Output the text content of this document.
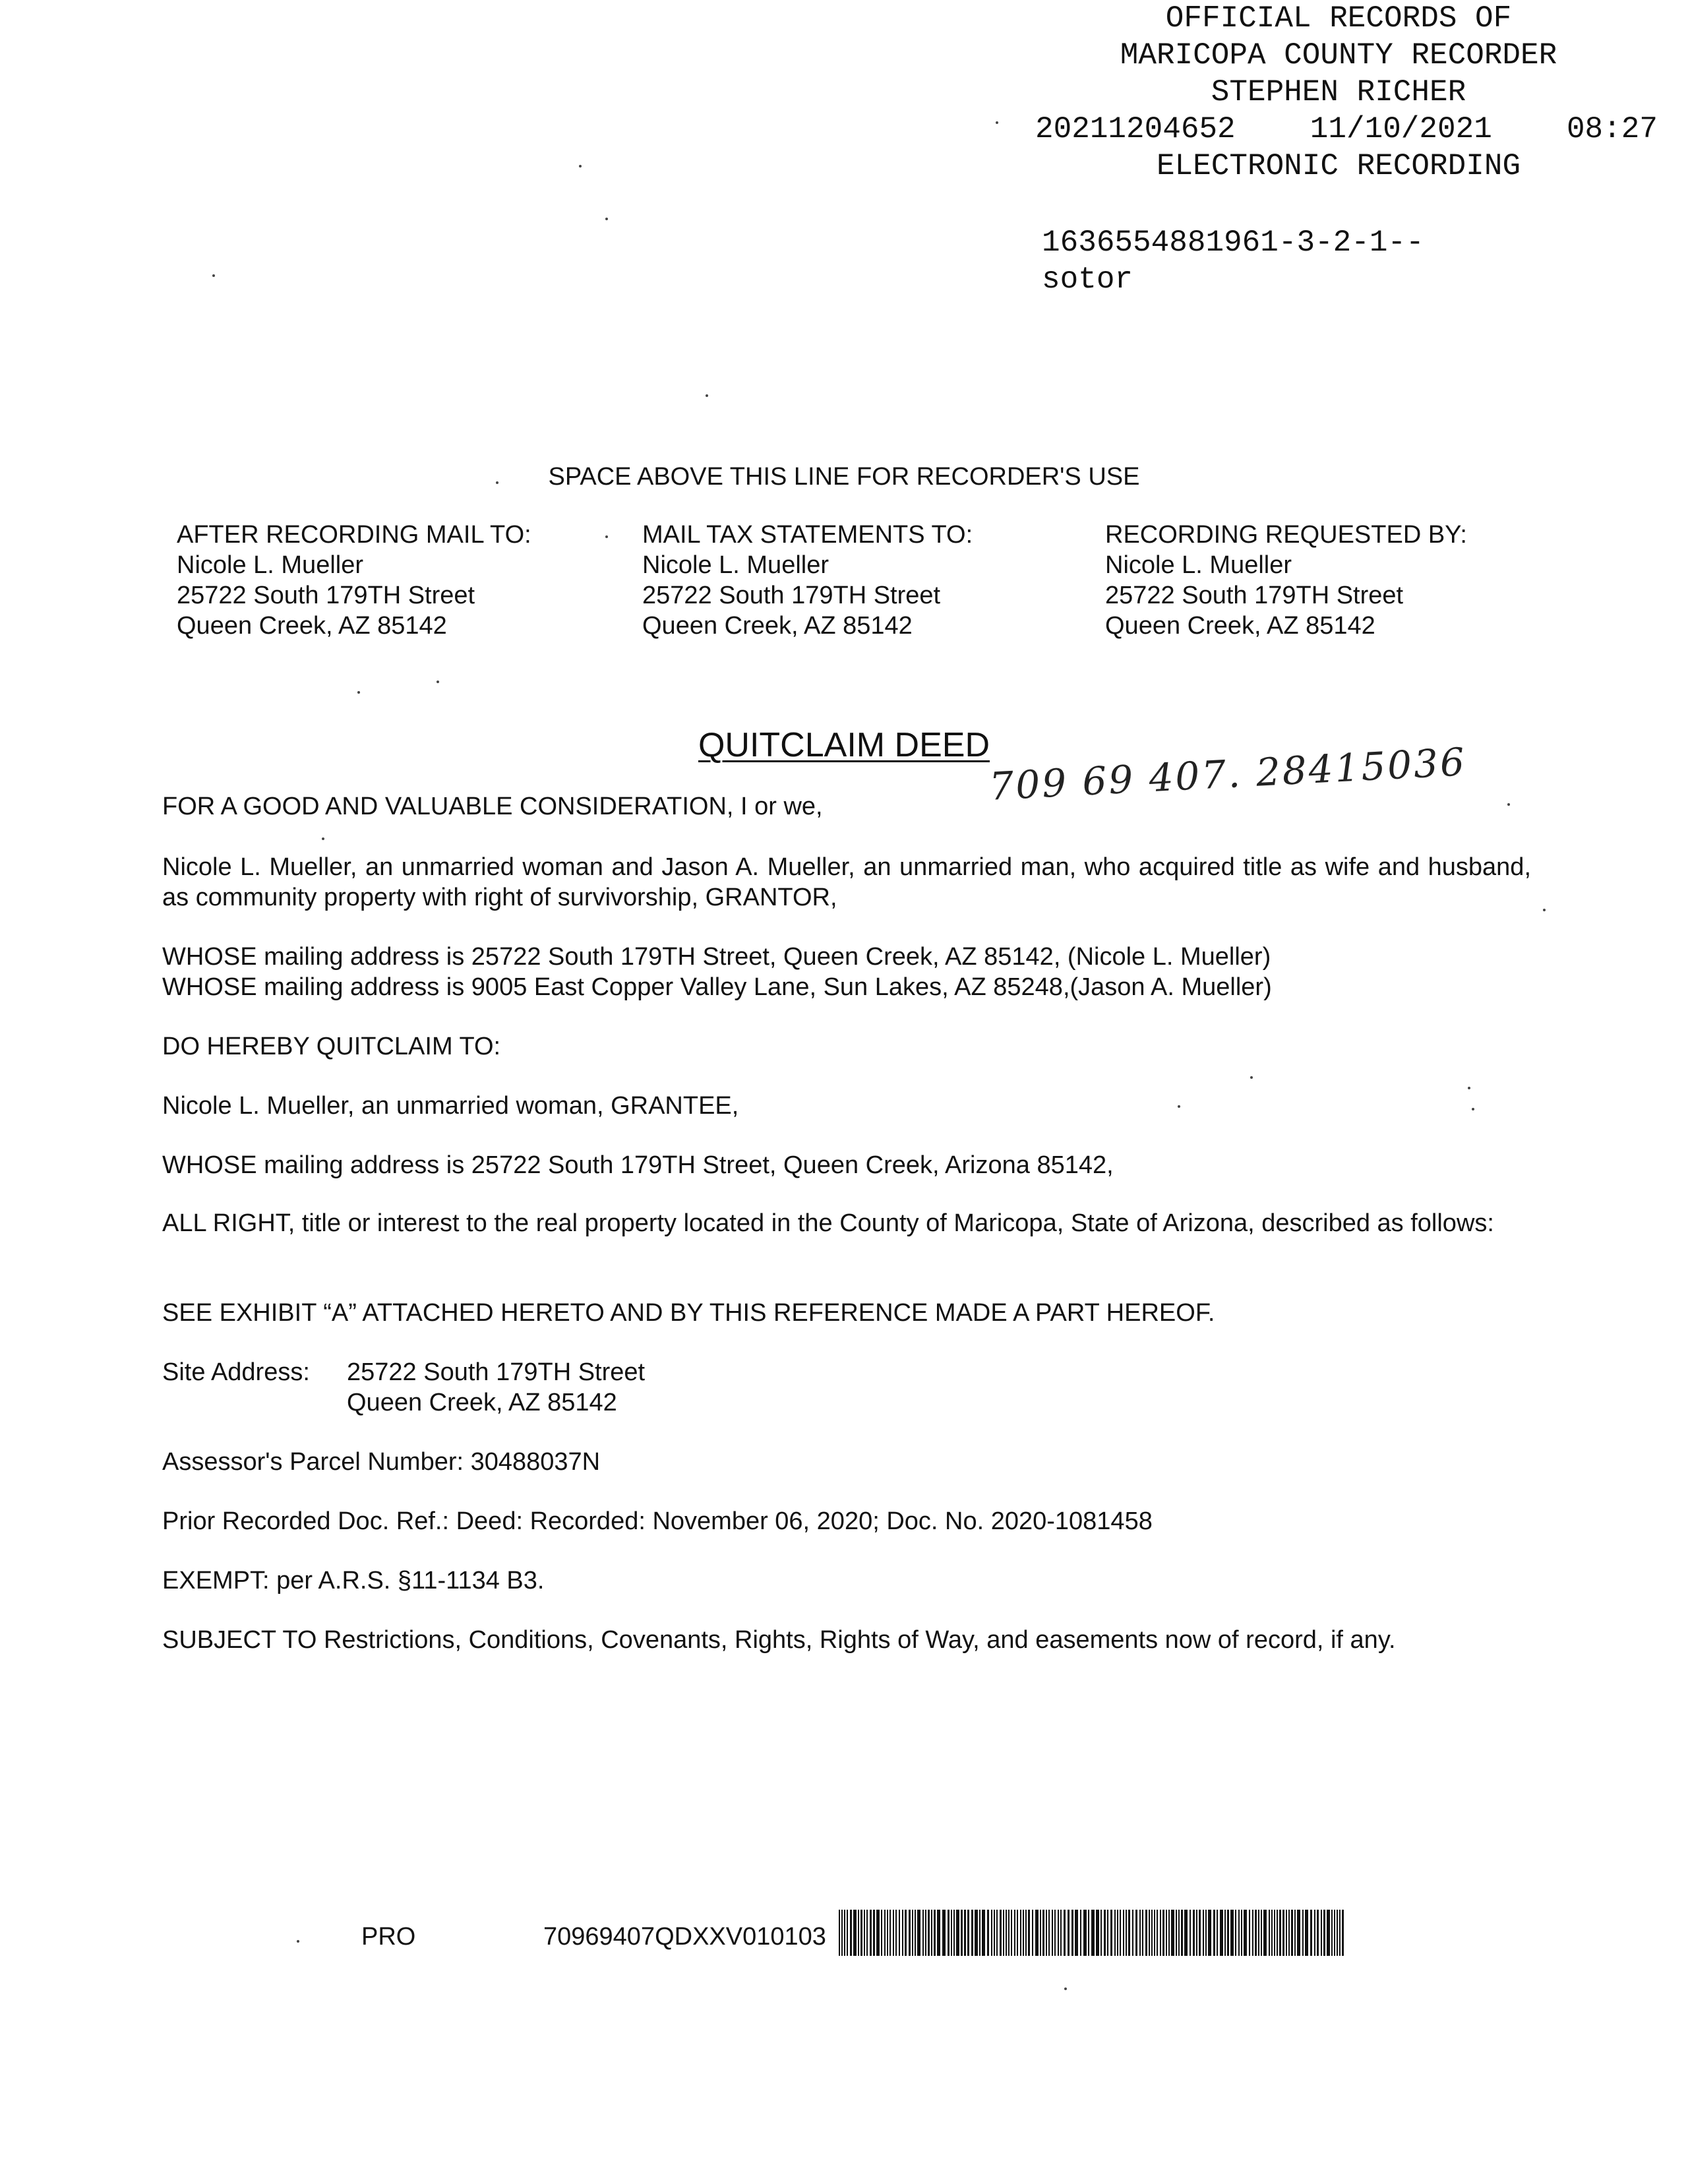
OFFICIAL RECORDS OF
MARICOPA COUNTY RECORDER
STEPHEN RICHER
20211204652 11/10/2021 08:27
ELECTRONIC RECORDING
1636554881961-3-2-1--
sotor
SPACE ABOVE THIS LINE FOR RECORDER'S USE
AFTER RECORDING MAIL TO:
Nicole L. Mueller
25722 South 179TH Street
Queen Creek, AZ 85142
MAIL TAX STATEMENTS TO:
Nicole L. Mueller
25722 South 179TH Street
Queen Creek, AZ 85142
RECORDING REQUESTED BY:
Nicole L. Mueller
25722 South 179TH Street
Queen Creek, AZ 85142
QUITCLAIM DEED
709 69 407. 28415036
FOR A GOOD AND VALUABLE CONSIDERATION, I or we,
Nicole L. Mueller, an unmarried woman and Jason A. Mueller, an unmarried man, who acquired title as wife and husband, as community property with right of survivorship, GRANTOR,
WHOSE mailing address is 25722 South 179TH Street, Queen Creek, AZ 85142, (Nicole L. Mueller)
WHOSE mailing address is 9005 East Copper Valley Lane, Sun Lakes, AZ 85248,(Jason A. Mueller)
DO HEREBY QUITCLAIM TO:
Nicole L. Mueller, an unmarried woman, GRANTEE,
WHOSE mailing address is 25722 South 179TH Street, Queen Creek, Arizona 85142,
ALL RIGHT, title or interest to the real property located in the County of Maricopa, State of Arizona, described as follows:
SEE EXHIBIT “A” ATTACHED HERETO AND BY THIS REFERENCE MADE A PART HEREOF.
Site Address: 25722 South 179TH Street
Queen Creek, AZ 85142
Assessor's Parcel Number: 30488037N
Prior Recorded Doc. Ref.: Deed: Recorded: November 06, 2020; Doc. No. 2020-1081458
EXEMPT: per A.R.S. §11-1134 B3.
SUBJECT TO Restrictions, Conditions, Covenants, Rights, Rights of Way, and easements now of record, if any.
PRO	70969407QDXXV010103
